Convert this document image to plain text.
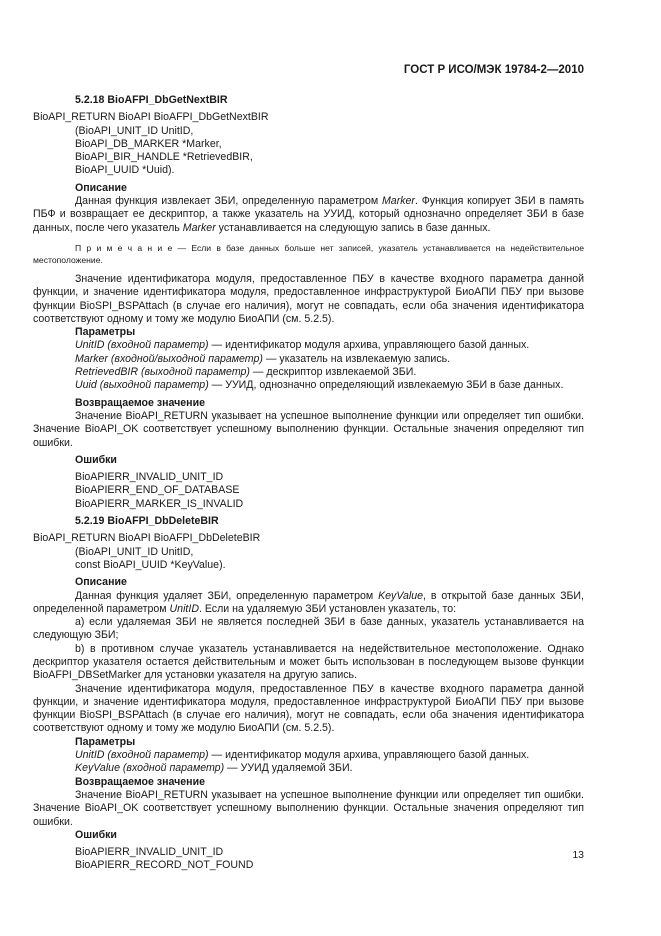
ГОСТ Р ИСО/МЭК 19784-2—2010

5.2.18 BioAFPI_DbGetNextBIR

BioAPI_RETURN BioAPI BioAFPI_DbGetNextBIR

(BioAPI_UNIT_ID UnitID,

BioAPI_DB_MARKER *Marker,

BioAPI_BIR_HANDLE *RetrievedBIR,

BioAPI_UUID *Uuid).

Описание

Данная функция извлекает ЗБИ, определенную параметром Marker. Функция копирует ЗБИ в память ПБФ и возвращает ее дескриптор, а также указатель на УУИД, который однозначно определяет ЗБИ в базе данных, после чего указатель Marker устанавливается на следующую запись в базе данных.

П р и м е ч а н и е — Если в базе данных больше нет записей, указатель устанавливается на недействительное местоположение.

Значение идентификатора модуля, предоставленное ПБУ в качестве входного параметра данной функции, и значение идентификатора модуля, предоставленное инфраструктурой БиоАПИ ПБУ при вызове функции BioSPI_BSPAttach (в случае его наличия), могут не совпадать, если оба значения идентификатора соответствуют одному и тому же модулю БиоАПИ (см. 5.2.5).

Параметры

UnitID (входной параметр) — идентификатор модуля архива, управляющего базой данных.

Marker (входной/выходной параметр) — указатель на извлекаемую запись.

RetrievedBIR (выходной параметр) — дескриптор извлекаемой ЗБИ.

Uuid (выходной параметр) — УУИД, однозначно определяющий извлекаемую ЗБИ в базе данных.

Возвращаемое значение

Значение BioAPI_RETURN указывает на успешное выполнение функции или определяет тип ошибки. Значение BioAPI_OK соответствует успешному выполнению функции. Остальные значения определяют тип ошибки.

Ошибки

BioAPIERR_INVALID_UNIT_ID

BioAPIERR_END_OF_DATABASE

BioAPIERR_MARKER_IS_INVALID

5.2.19 BioAFPI_DbDeleteBIR

BioAPI_RETURN BioAPI BioAFPI_DbDeleteBIR

(BioAPI_UNIT_ID UnitID,

const BioAPI_UUID *KeyValue).

Описание

Данная функция удаляет ЗБИ, определенную параметром KeyValue, в открытой базе данных ЗБИ, определенной параметром UnitID. Если на удаляемую ЗБИ установлен указатель, то:

a) если удаляемая ЗБИ не является последней ЗБИ в базе данных, указатель устанавливается на следующую ЗБИ;

b) в противном случае указатель устанавливается на недействительное местоположение. Однако дескриптор указателя остается действительным и может быть использован в последующем вызове функции BioAFPI_DBSetMarker для установки указателя на другую запись.

Значение идентификатора модуля, предоставленное ПБУ в качестве входного параметра данной функции, и значение идентификатора модуля, предоставленное инфраструктурой БиоАПИ ПБУ при вызове функции BioSPI_BSPAttach (в случае его наличия), могут не совпадать, если оба значения идентификатора соответствуют одному и тому же модулю БиоАПИ (см. 5.2.5).

Параметры

UnitID (входной параметр) — идентификатор модуля архива, управляющего базой данных.

KeyValue (входной параметр) — УУИД удаляемой ЗБИ.

Возвращаемое значение

Значение BioAPI_RETURN указывает на успешное выполнение функции или определяет тип ошибки. Значение BioAPI_OK соответствует успешному выполнению функции. Остальные значения определяют тип ошибки.

Ошибки

BioAPIERR_INVALID_UNIT_ID

BioAPIERR_RECORD_NOT_FOUND

13
